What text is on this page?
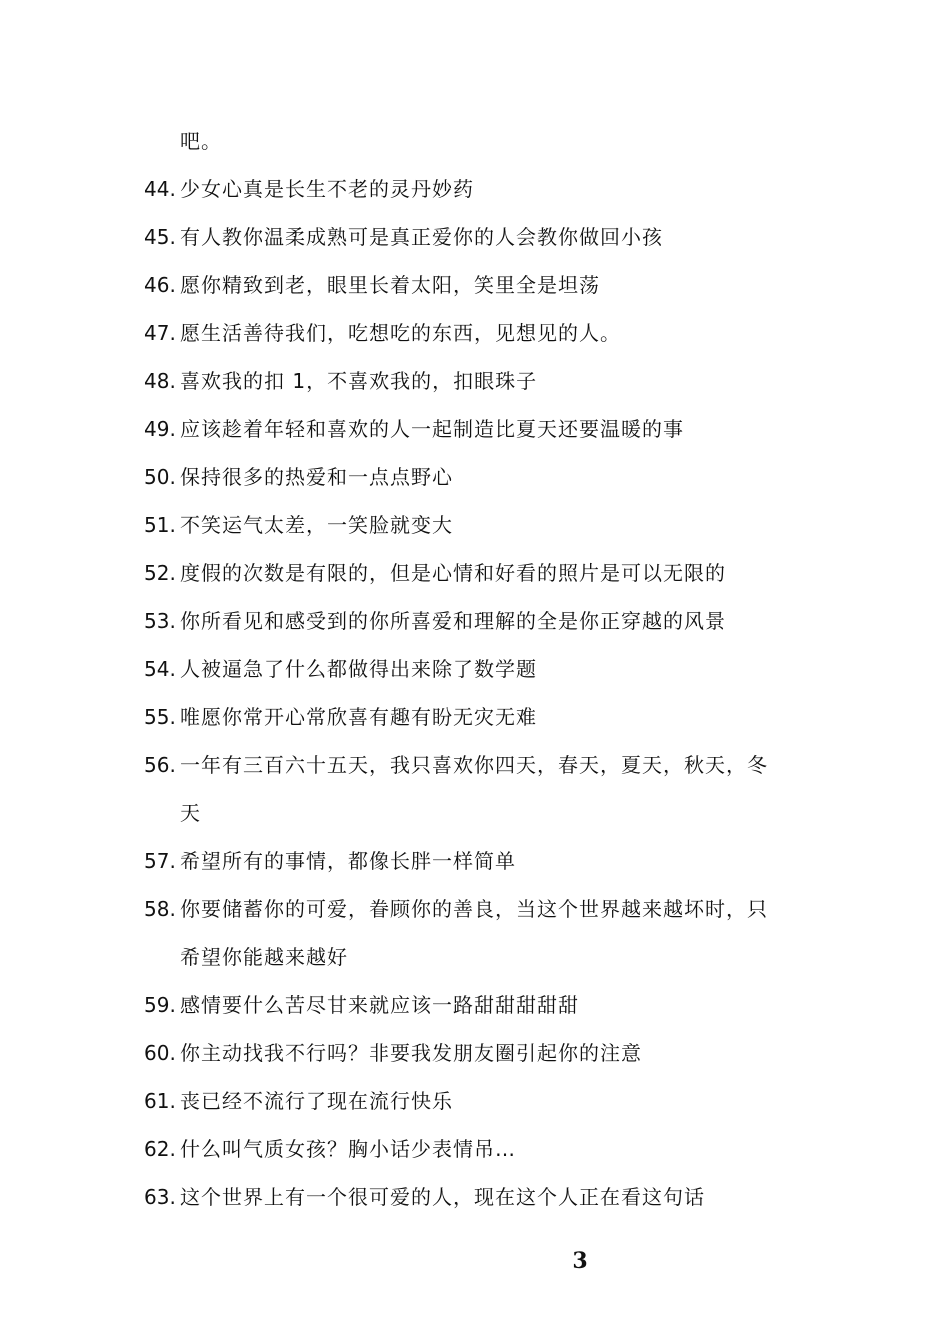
吧。
44. 少女心真是长生不老的灵丹妙药
45. 有人教你温柔成熟可是真正爱你的人会教你做回小孩
46. 愿你精致到老，眼里长着太阳，笑里全是坦荡
47. 愿生活善待我们，吃想吃的东西，见想见的人。
48. 喜欢我的扣 1，不喜欢我的，扣眼珠子
49. 应该趁着年轻和喜欢的人一起制造比夏天还要温暖的事
50. 保持很多的热爱和一点点野心
51. 不笑运气太差，一笑脸就变大
52. 度假的次数是有限的，但是心情和好看的照片是可以无限的
53. 你所看见和感受到的你所喜爱和理解的全是你正穿越的风景
54. 人被逼急了什么都做得出来除了数学题
55. 唯愿你常开心常欣喜有趣有盼无灾无难
56. 一年有三百六十五天，我只喜欢你四天，春天，夏天，秋天，冬
天
57. 希望所有的事情，都像长胖一样简单
58. 你要储蓄你的可爱，眷顾你的善良，当这个世界越来越坏时，只
希望你能越来越好
59. 感情要什么苦尽甘来就应该一路甜甜甜甜甜
60. 你主动找我不行吗？非要我发朋友圈引起你的注意
61. 丧已经不流行了现在流行快乐
62. 什么叫气质女孩？胸小话少表情吊…
63. 这个世界上有一个很可爱的人，现在这个人正在看这句话
3
